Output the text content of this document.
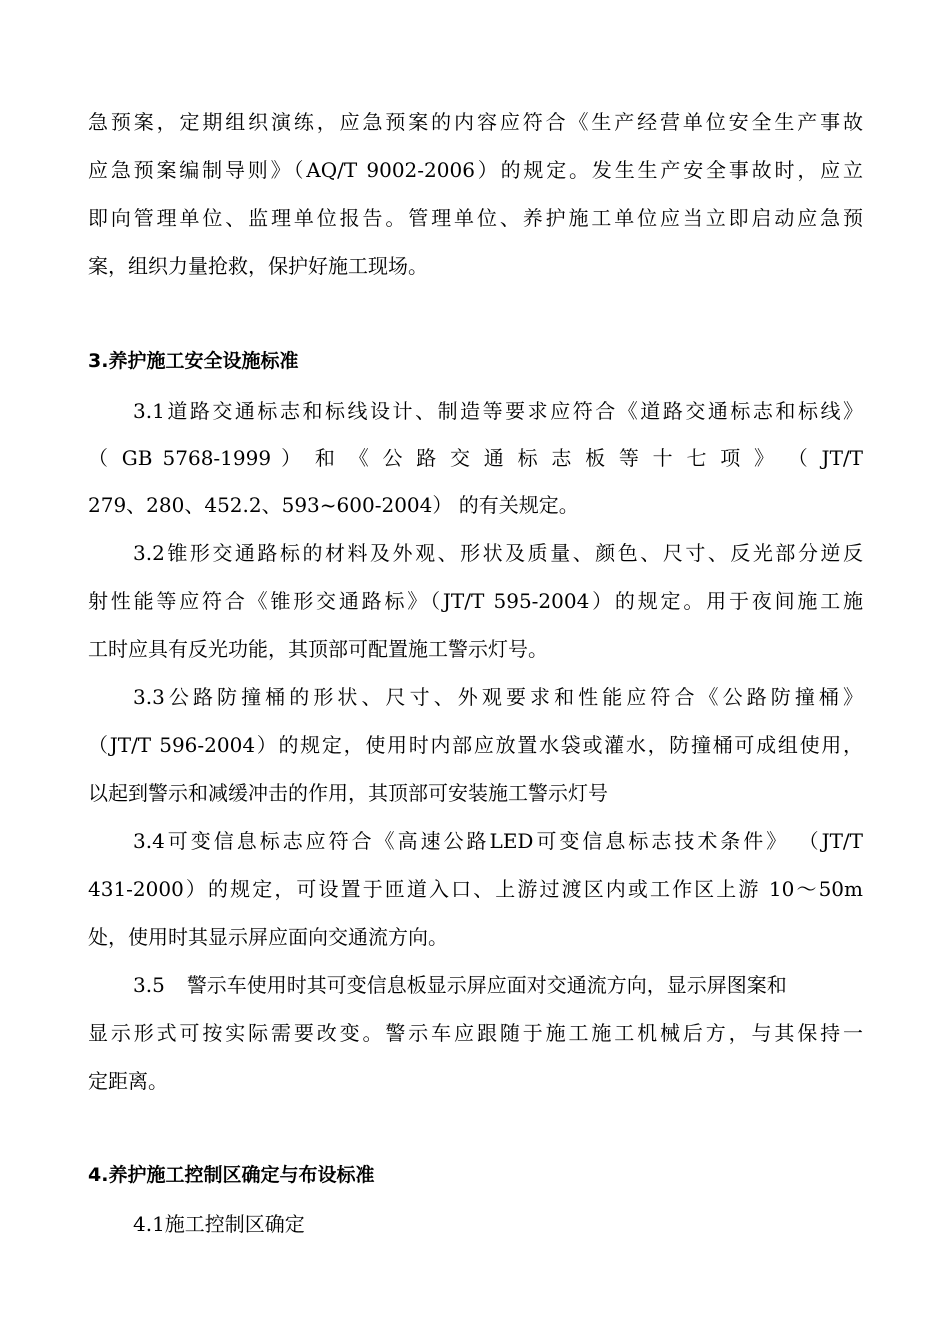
急预案，定期组织演练，应急预案的内容应符合《生产经营单位安全生产事故
应急预案编制导则》（AQ/T 9002-2006）的规定。发生生产安全事故时，应立
即向管理单位、监理单位报告。管理单位、养护施工单位应当立即启动应急预
案，组织力量抢救，保护好施工现场。
3.养护施工安全设施标准
3.1道路交通标志和标线设计、制造等要求应符合《道路交通标志和标线》
（ GB 5768-1999 ） 和 《 公 路 交 通 标 志 板 等 十 七 项 》 （ JT/T
279、280、452.2、593~600-2004） 的有关规定。
3.2锥形交通路标的材料及外观、形状及质量、颜色、尺寸、反光部分逆反
射性能等应符合《锥形交通路标》（JT/T 595-2004）的规定。用于夜间施工施
工时应具有反光功能，其顶部可配置施工警示灯号。
3.3公路防撞桶的形状、尺寸、外观要求和性能应符合《公路防撞桶》
（JT/T 596-2004）的规定，使用时内部应放置水袋或灌水，防撞桶可成组使用，
以起到警示和减缓冲击的作用，其顶部可安装施工警示灯号
3.4可变信息标志应符合《高速公路LED可变信息标志技术条件》 （JT/T
431-2000）的规定，可设置于匝道入口、上游过渡区内或工作区上游 10～50m
处，使用时其显示屏应面向交通流方向。
3.5 警示车使用时其可变信息板显示屏应面对交通流方向，显示屏图案和
显示形式可按实际需要改变。警示车应跟随于施工施工机械后方，与其保持一
定距离。
4.养护施工控制区确定与布设标准
4.1施工控制区确定
